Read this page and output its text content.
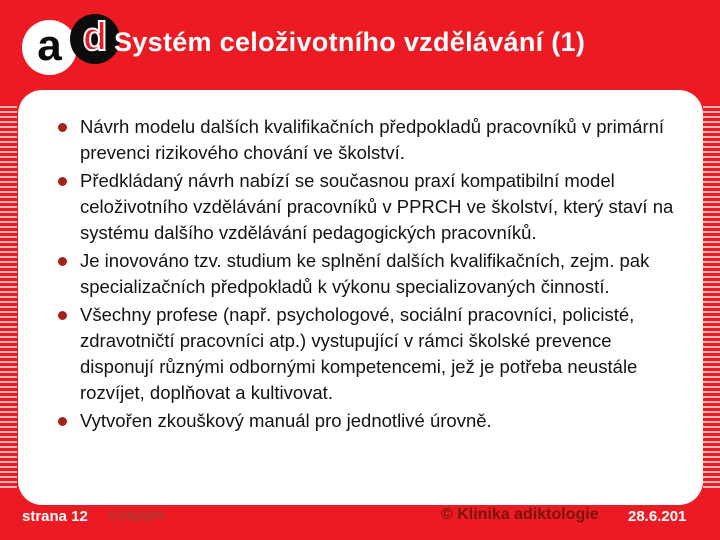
a d Systém celoživotního vzdělávání (1)
Návrh modelu dalších kvalifikačních předpokladů pracovníků v primární prevenci rizikového chování ve školství.
Předkládaný návrh nabízí se současnou praxí kompatibilní model celoživotního vzdělávání pracovníků v PPRCH ve školství, který staví na systému dalšího vzdělávání pedagogických pracovníků.
Je inovováno tzv. studium ke splnění dalších kvalifikačních, zejm. pak specializačních předpokladů k výkonu specializovaných činností.
Všechny profese (např. psychologové, sociální pracovníci, policisté, zdravotničtí pracovníci atp.) vystupující v rámci školské prevence disponují různými odbornými kompetencemi, jež je potřeba neustále rozvíjet, doplňovat a kultivovat.
Vytvořen zkouškový manuál pro jednotlivé úrovně.
strana 12 VYNSPI	© Klinika adiktologie 28.6.201
